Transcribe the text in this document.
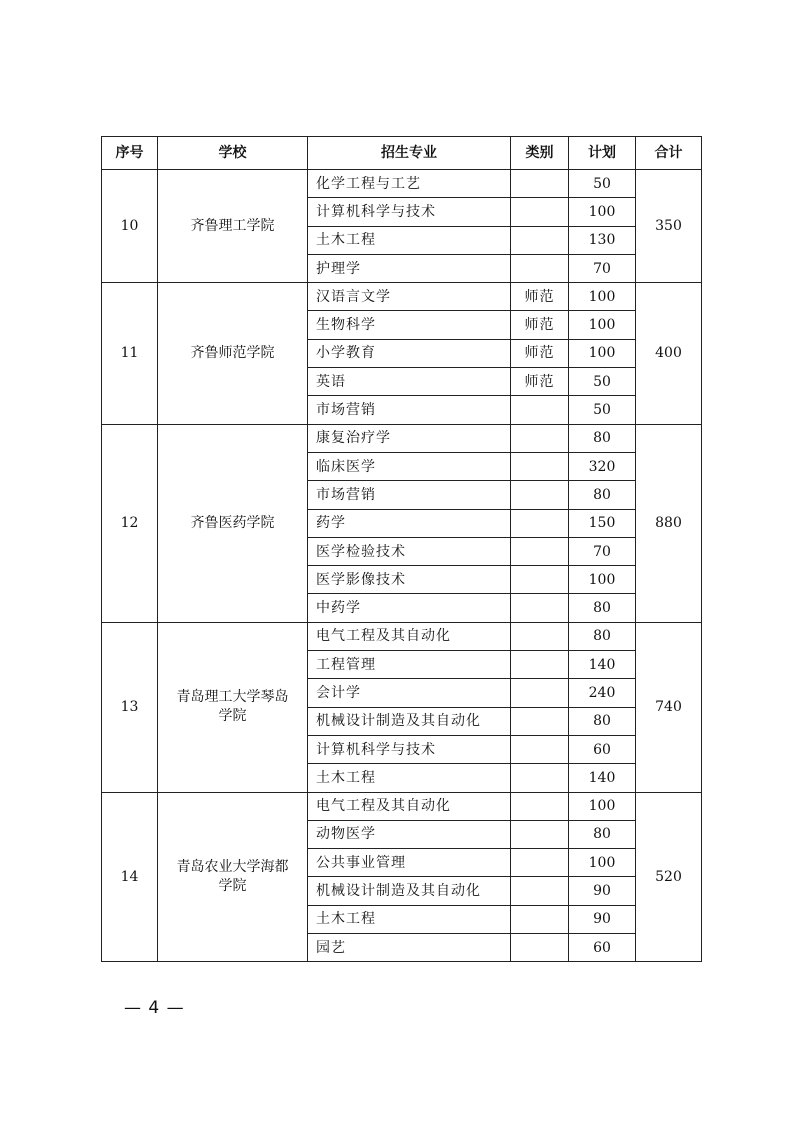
序号	学校	招生专业	类别	计划	合计
10	齐鲁理工学院	化学工程与工艺		50	350
		计算机科学与技术		100	
		土木工程		130	
		护理学		70	
11	齐鲁师范学院	汉语言文学	师范	100	400
		生物科学	师范	100	
		小学教育	师范	100	
		英语	师范	50	
		市场营销		50	
12	齐鲁医药学院	康复治疗学		80	880
		临床医学		320	
		市场营销		80	
		药学		150	
		医学检验技术		70	
		医学影像技术		100	
		中药学		80	
13	青岛理工大学琴岛学院	电气工程及其自动化		80	740
		工程管理		140	
		会计学		240	
		机械设计制造及其自动化		80	
		计算机科学与技术		60	
		土木工程		140	
14	青岛农业大学海都学院	电气工程及其自动化		100	520
		动物医学		80	
		公共事业管理		100	
		机械设计制造及其自动化		90	
		土木工程		90	
		园艺		60	
— 4 —
